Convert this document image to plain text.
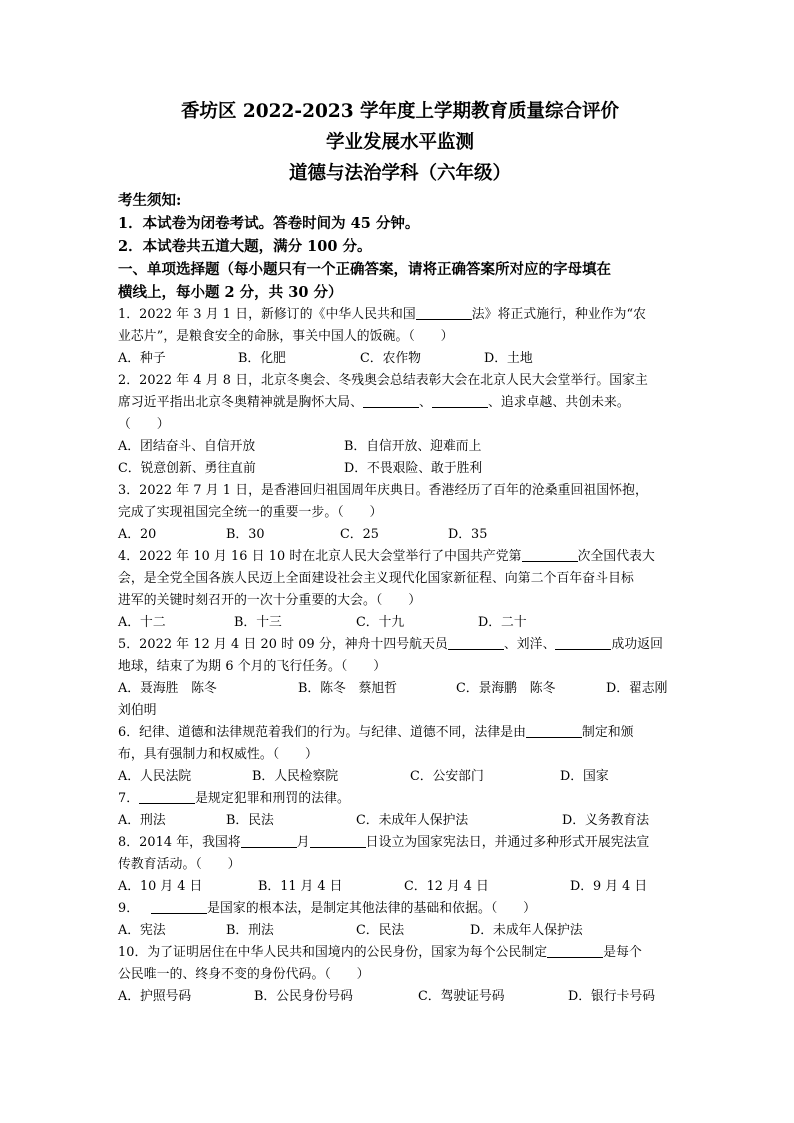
香坊区 2022-2023 学年度上学期教育质量综合评价
学业发展水平监测
道德与法治学科（六年级）
考生须知:
1．本试卷为闭卷考试。答卷时间为 45 分钟。
2．本试卷共五道大题，满分 100 分。
一、单项选择题（每小题只有一个正确答案，请将正确答案所对应的字母填在
横线上，每小题 2 分，共 30 分）
1．2022 年 3 月 1 日，新修订的《中华人民共和国	法》将正式施行，种业作为“农
业芯片”，是粮食安全的命脉，事关中国人的饭碗。（　　）
A．种子	B．化肥	C．农作物	D．土地
2．2022 年 4 月 8 日，北京冬奥会、冬残奥会总结表彰大会在北京人民大会堂举行。国家主
席习近平指出北京冬奥精神就是胸怀大局、	、	、追求卓越、共创未来。
（　　）
A．团结奋斗、自信开放	B．自信开放、迎难而上
C．锐意创新、勇往直前	D．不畏艰险、敢于胜利
3．2022 年 7 月 1 日，是香港回归祖国周年庆典日。香港经历了百年的沧桑重回祖国怀抱，
完成了实现祖国完全统一的重要一步。（　　）
A．20	B．30	C．25	D．35
4．2022 年 10 月 16 日 10 时在北京人民大会堂举行了中国共产党第	次全国代表大
会，是全党全国各族人民迈上全面建设社会主义现代化国家新征程、向第二个百年奋斗目标
进军的关键时刻召开的一次十分重要的大会。（　　）
A．十二	B．十三	C．十九	D．二十
5．2022 年 12 月 4 日 20 时 09 分，神舟十四号航天员	、刘洋、	成功返回
地球，结束了为期 6 个月的飞行任务。（　　）
A．聂海胜　陈冬	B．陈冬　蔡旭哲	C．景海鹏　陈冬	D．翟志刚
刘伯明
6．纪律、道德和法律规范着我们的行为。与纪律、道德不同，法律是由	制定和颁
布，具有强制力和权威性。（　　）
A．人民法院	B．人民检察院	C．公安部门	D．国家
7．	是规定犯罪和刑罚的法律。
A．刑法	B．民法	C．未成年人保护法	D．义务教育法
8．2014 年，我国将	月	日设立为国家宪法日，并通过多种形式开展宪法宣
传教育活动。（　　）
A．10 月 4 日	B．11 月 4 日	C．12 月 4 日	D．9 月 4 日
9．	是国家的根本法，是制定其他法律的基础和依据。（　　）
A．宪法	B．刑法	C．民法	D．未成年人保护法
10．为了证明居住在中华人民共和国境内的公民身份，国家为每个公民制定	是每个
公民唯一的、终身不变的身份代码。（　　）
A．护照号码	B．公民身份号码	C．驾驶证号码	D．银行卡号码
